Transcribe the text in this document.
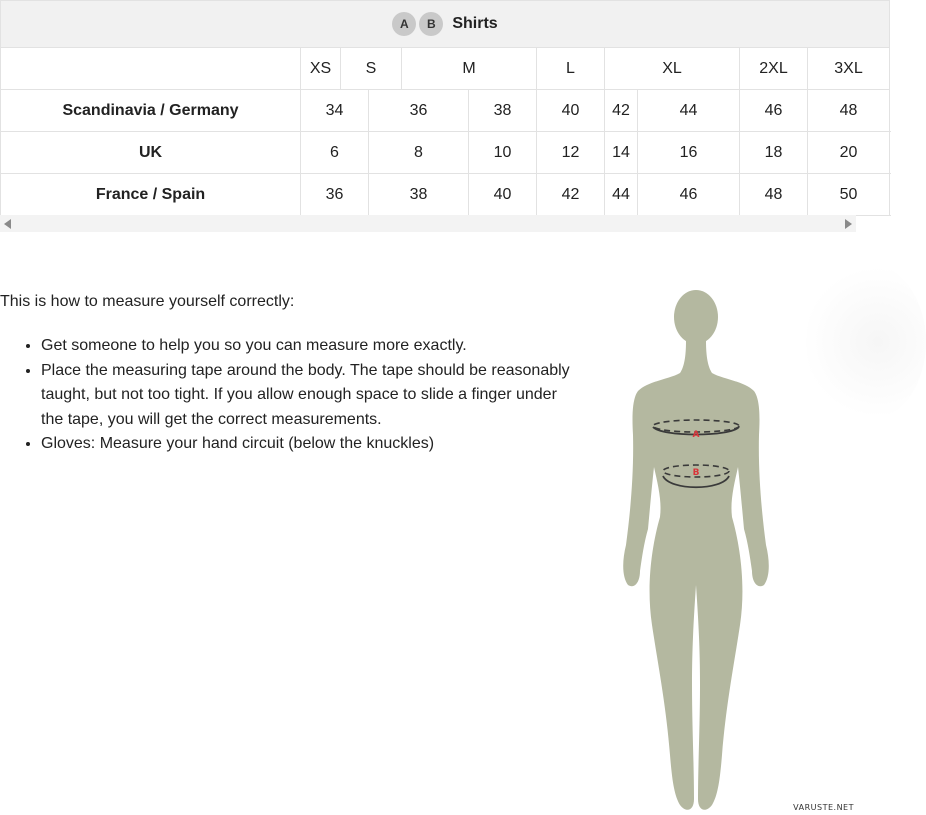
A B Shirts										

	XS	S		M		L	XL		2XL	3XL
Scandinavia / Germany	34		36		38	40	42	44	46	48
UK	6		8		10	12	14	16	18	20
France / Spain	36		38		40	42	44	46	48	50

This is how to measure yourself correctly:

• Get someone to help you so you can measure more exactly.
• Place the measuring tape around the body. The tape should be reasonably taught, but not too tight. If you allow enough space to slide a finger under the tape, you will get the correct measurements.
• Gloves: Measure your hand circuit (below the knuckles)	A
B
VARUSTE.NET
